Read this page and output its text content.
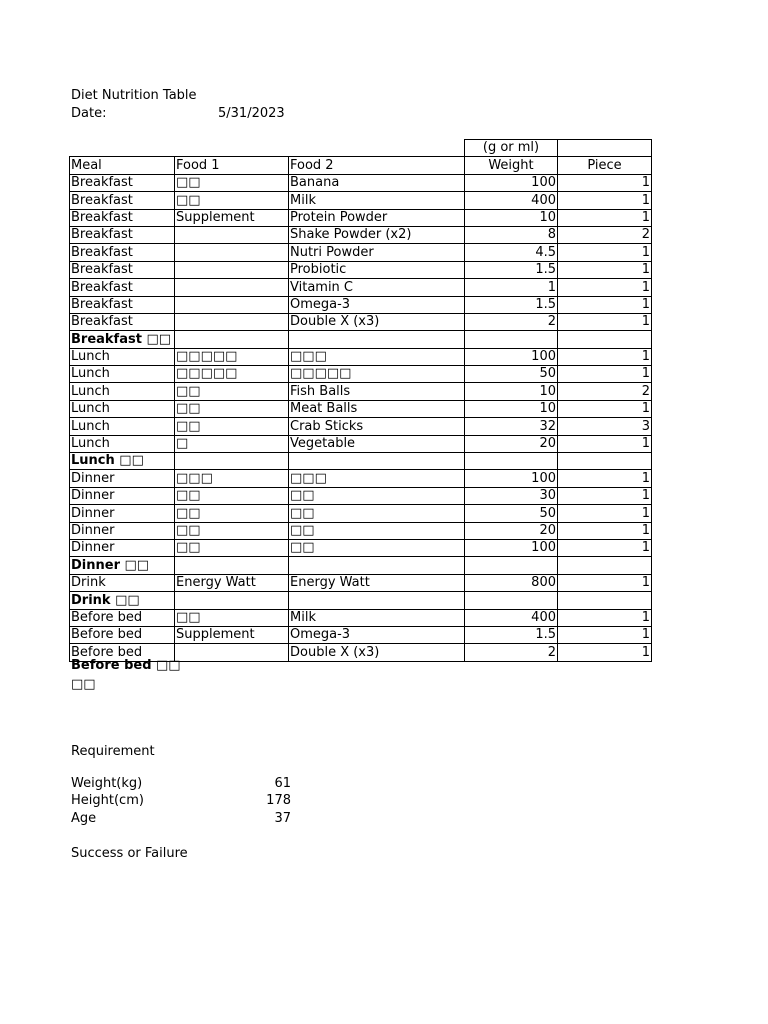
Diet Nutrition Table
Date:	5/31/2023
			(g or ml)	
Meal	Food 1	Food 2	Weight	Piece
Breakfast	□□	Banana	100	1
Breakfast	□□	Milk	400	1
Breakfast	Supplement	Protein Powder	10	1
Breakfast		Shake Powder (x2)	8	2
Breakfast		Nutri Powder	4.5	1
Breakfast		Probiotic	1.5	1
Breakfast		Vitamin C	1	1
Breakfast		Omega-3	1.5	1
Breakfast		Double X (x3)	2	1
Breakfast □□				
Lunch	□□□□□	□□□	100	1
Lunch	□□□□□	□□□□□	50	1
Lunch	□□	Fish Balls	10	2
Lunch	□□	Meat Balls	10	1
Lunch	□□	Crab Sticks	32	3
Lunch	□	Vegetable	20	1
Lunch □□				
Dinner	□□□	□□□	100	1
Dinner	□□	□□	30	1
Dinner	□□	□□	50	1
Dinner	□□	□□	20	1
Dinner	□□	□□	100	1
Dinner □□				
Drink	Energy Watt	Energy Watt	800	1
Drink □□				
Before bed	□□	Milk	400	1
Before bed	Supplement	Omega-3	1.5	1
Before bed		Double X (x3)	2	1
Before bed □□
□□
Requirement
Weight(kg)	61
Height(cm)	178
Age	37
Success or Failure
